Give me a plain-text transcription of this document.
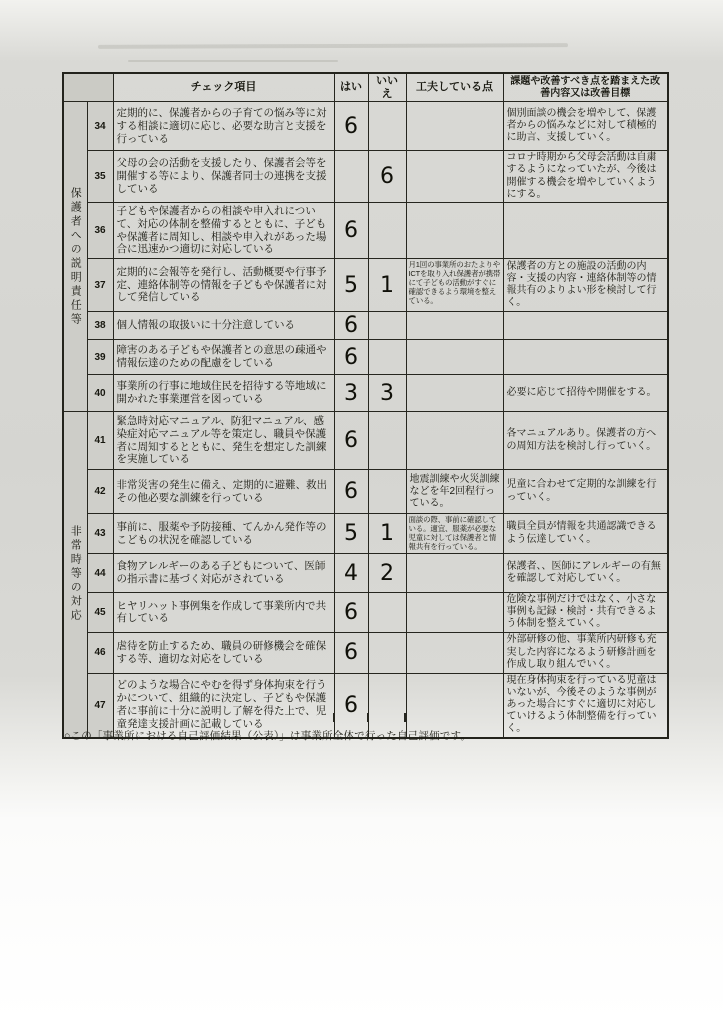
		チェック項目	はい	いいえ	工夫している点	課題や改善すべき点を踏まえた改善内容又は改善目標
保護者への説明責任等	34	定期的に、保護者からの子育ての悩み等に対する相談に適切に応じ、必要な助言と支援を行っている	6			個別面談の機会を増やして、保護者からの悩みなどに対して積極的に助言、支援していく。
	35	父母の会の活動を支援したり、保護者会等を開催する等により、保護者同士の連携を支援している		6		コロナ時期から父母会活動は自粛するようになっていたが、今後は開催する機会を増やしていくようにする。
	36	子どもや保護者からの相談や申入れについて、対応の体制を整備するとともに、子どもや保護者に周知し、相談や申入れがあった場合に迅速かつ適切に対応している	6			
	37	定期的に会報等を発行し、活動概要や行事予定、連絡体制等の情報を子どもや保護者に対して発信している	5	1	月1回の事業所のおたよりやICTを取り入れ保護者が携帯にて子どもの活動がすぐに確認できるよう環境を整えている。	保護者の方との施設の活動の内容・支援の内容・連絡体制等の情報共有のよりよい形を検討して行く。
	38	個人情報の取扱いに十分注意している	6			
	39	障害のある子どもや保護者との意思の疎通や情報伝達のための配慮をしている	6			
	40	事業所の行事に地域住民を招待する等地域に開かれた事業運営を図っている	3	3		必要に応じて招待や開催をする。
非常時等の対応	41	緊急時対応マニュアル、防犯マニュアル、感染症対応マニュアル等を策定し、職員や保護者に周知するとともに、発生を想定した訓練を実施している	6			各マニュアルあり。保護者の方への周知方法を検討し行っていく。
	42	非常災害の発生に備え、定期的に避難、救出その他必要な訓練を行っている	6		地震訓練や火災訓練などを年2回程行っている。	児童に合わせて定期的な訓練を行っていく。
	43	事前に、服薬や予防接種、てんかん発作等のこどもの状況を確認している	5	1	面談の際、事前に確認している。適宜、服薬が必要な児童に対しては保護者と情報共有を行っている。	職員全員が情報を共通認識できるよう伝達していく。
	44	食物アレルギーのある子どもについて、医師の指示書に基づく対応がされている	4	2		保護者、、医師にアレルギーの有無を確認して対応していく。
	45	ヒヤリハット事例集を作成して事業所内で共有している	6			危険な事例だけではなく、小さな事例も記録・検討・共有できるよう体制を整えていく。
	46	虐待を防止するため、職員の研修機会を確保する等、適切な対応をしている	6			外部研修の他、事業所内研修も充実した内容になるよう研修計画を作成し取り組んでいく。
	47	どのような場合にやむを得ず身体拘束を行うかについて、組織的に決定し、子どもや保護者に事前に十分に説明し了解を得た上で、児童発達支援計画に記載している	6			現在身体拘束を行っている児童はいないが、今後そのような事例があった場合にすぐに適切に対応していけるよう体制整備を行っていく。
○この「事業所における自己評価結果（公表）」は事業所全体で行った自己評価です。
